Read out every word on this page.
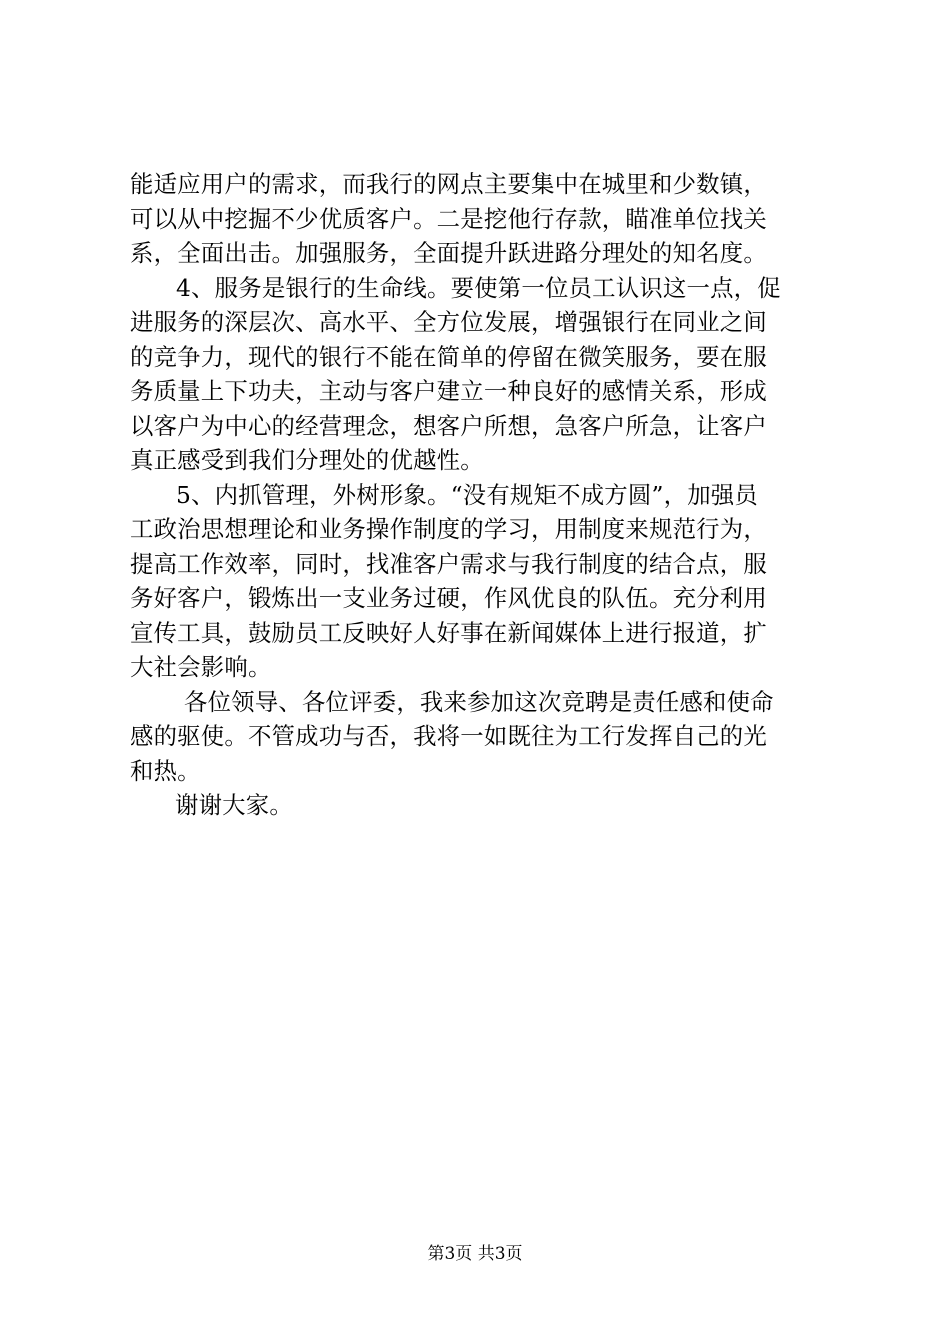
能适应用户的需求，而我行的网点主要集中在城里和少数镇，
可以从中挖掘不少优质客户。二是挖他行存款，瞄准单位找关
系，全面出击。加强服务，全面提升跃进路分理处的知名度。
4、服务是银行的生命线。要使第一位员工认识这一点，促
进服务的深层次、高水平、全方位发展，增强银行在同业之间
的竞争力，现代的银行不能在简单的停留在微笑服务，要在服
务质量上下功夫，主动与客户建立一种良好的感情关系，形成
以客户为中心的经营理念，想客户所想，急客户所急，让客户
真正感受到我们分理处的优越性。
5、内抓管理，外树形象。“没有规矩不成方圆”，加强员
工政治思想理论和业务操作制度的学习，用制度来规范行为，
提高工作效率，同时，找准客户需求与我行制度的结合点，服
务好客户，锻炼出一支业务过硬，作风优良的队伍。充分利用
宣传工具，鼓励员工反映好人好事在新闻媒体上进行报道，扩
大社会影响。
各位领导、各位评委，我来参加这次竞聘是责任感和使命
感的驱使。不管成功与否，我将一如既往为工行发挥自己的光
和热。
谢谢大家。
第3页 共3页
